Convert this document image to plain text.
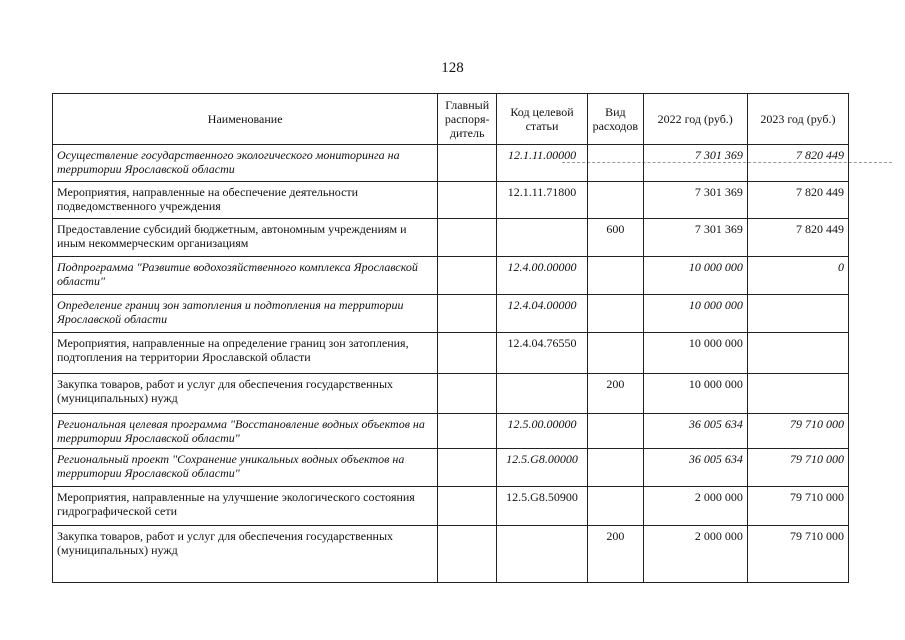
128
Наименование	Главный распоря-дитель	Код целевой статьи	Вид расходов	2022 год (руб.)	2023 год (руб.)
Осуществление государственного экологического мониторинга на территории Ярославской области		12.1.11.00000		7 301 369	7 820 449
Мероприятия, направленные на обеспечение деятельности подведомственного учреждения		12.1.11.71800		7 301 369	7 820 449
Предоставление субсидий бюджетным, автономным учреждениям и иным некоммерческим организациям			600	7 301 369	7 820 449
Подпрограмма "Развитие водохозяйственного комплекса Ярославской области"		12.4.00.00000		10 000 000	0
Определение границ зон затопления и подтопления на территории Ярославской области		12.4.04.00000		10 000 000	
Мероприятия, направленные на определение границ зон затопления, подтопления на территории Ярославской области		12.4.04.76550		10 000 000	
Закупка товаров, работ и услуг для обеспечения государственных (муниципальных) нужд			200	10 000 000	
Региональная целевая программа "Восстановление водных объектов на территории Ярославской области"		12.5.00.00000		36 005 634	79 710 000
Региональный проект "Сохранение уникальных водных объектов на территории Ярославской области"		12.5.G8.00000		36 005 634	79 710 000
Мероприятия, направленные на улучшение экологического состояния гидрографической сети		12.5.G8.50900		2 000 000	79 710 000
Закупка товаров, работ и услуг для обеспечения государственных (муниципальных) нужд			200	2 000 000	79 710 000
